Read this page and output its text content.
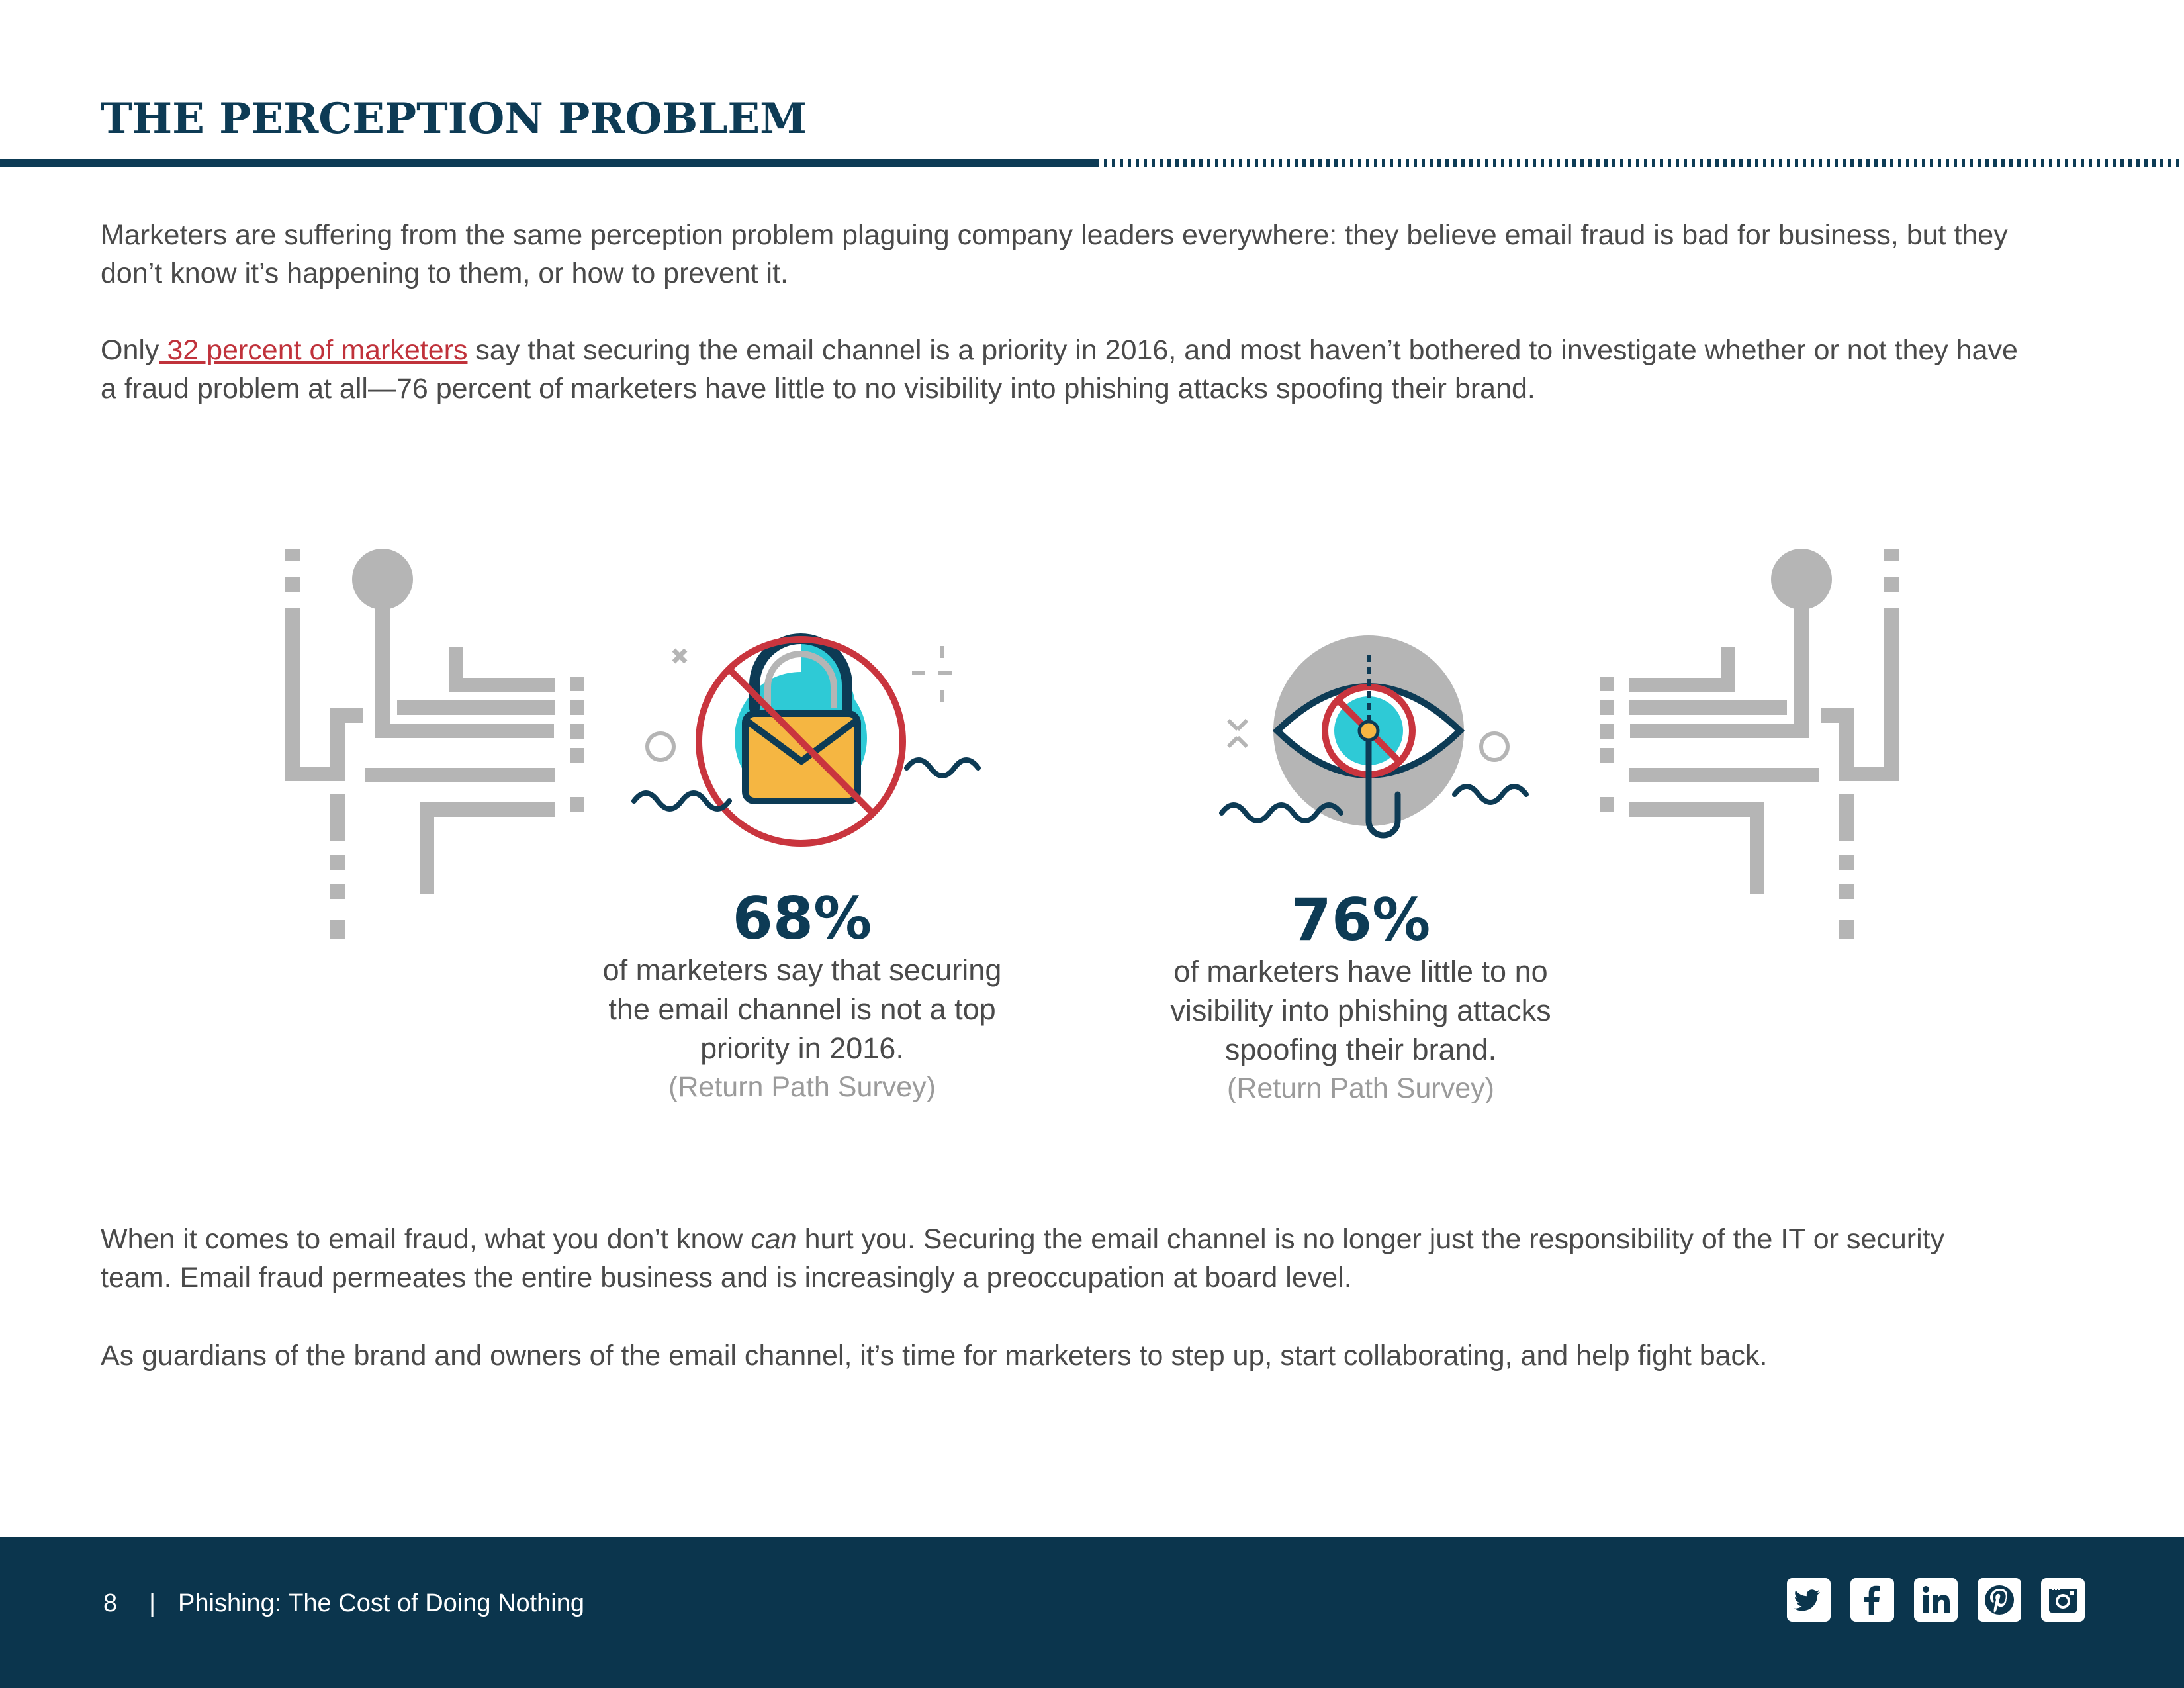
THE PERCEPTION PROBLEM

Marketers are suffering from the same perception problem plaguing company leaders everywhere: they believe email fraud is bad for business, but they don’t know it’s happening to them, or how to prevent it.

Only 32 percent of marketers say that securing the email channel is a priority in 2016, and most haven’t bothered to investigate whether or not they have a fraud problem at all—76 percent of marketers have little to no visibility into phishing attacks spoofing their brand.

68%
of marketers say that securing the email channel is not a top priority in 2016.
(Return Path Survey)
76%
of marketers have little to no visibility into phishing attacks spoofing their brand.
(Return Path Survey)

When it comes to email fraud, what you don’t know can hurt you. Securing the email channel is no longer just the responsibility of the IT or security team. Email fraud permeates the entire business and is increasingly a preoccupation at board level.

As guardians of the brand and owners of the email channel, it’s time for marketers to step up, start collaborating, and help fight back.

8 | Phishing: The Cost of Doing Nothing
